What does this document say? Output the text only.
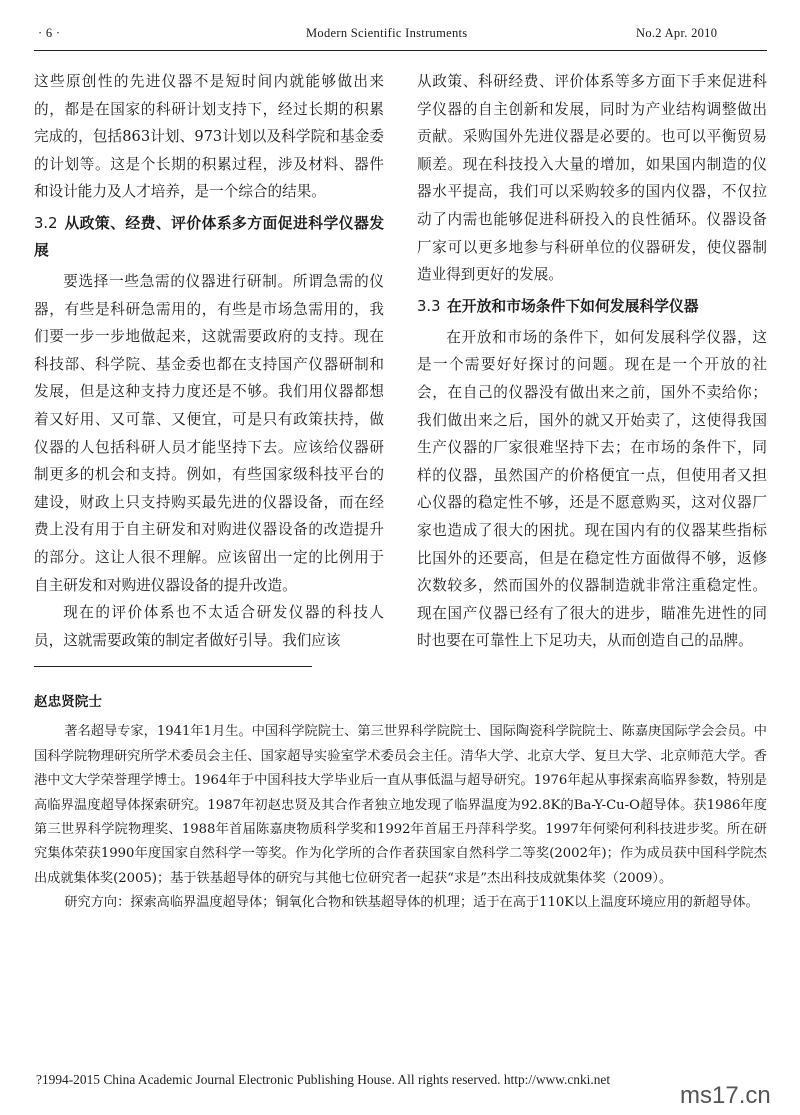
· 6 ·	Modern Scientific Instruments	No.2 Apr. 2010

这些原创性的先进仪器不是短时间内就能够做出来的，都是在国家的科研计划支持下，经过长期的积累完成的，包括863计划、973计划以及科学院和基金委的计划等。这是个长期的积累过程，涉及材料、器件和设计能力及人才培养，是一个综合的结果。

3.2 从政策、经费、评价体系多方面促进科学仪器发展

要选择一些急需的仪器进行研制。所谓急需的仪器，有些是科研急需用的，有些是市场急需用的，我们要一步一步地做起来，这就需要政府的支持。现在科技部、科学院、基金委也都在支持国产仪器研制和发展，但是这种支持力度还是不够。我们用仪器都想着又好用、又可靠、又便宜，可是只有政策扶持，做仪器的人包括科研人员才能坚持下去。应该给仪器研制更多的机会和支持。例如，有些国家级科技平台的建设，财政上只支持购买最先进的仪器设备，而在经费上没有用于自主研发和对购进仪器设备的改造提升的部分。这让人很不理解。应该留出一定的比例用于自主研发和对购进仪器设备的提升改造。

现在的评价体系也不太适合研发仪器的科技人员，这就需要政策的制定者做好引导。我们应该

从政策、科研经费、评价体系等多方面下手来促进科学仪器的自主创新和发展，同时为产业结构调整做出贡献。采购国外先进仪器是必要的。也可以平衡贸易顺差。现在科技投入大量的增加，如果国内制造的仪器水平提高，我们可以采购较多的国内仪器，不仅拉动了内需也能够促进科研投入的良性循环。仪器设备厂家可以更多地参与科研单位的仪器研发，使仪器制造业得到更好的发展。

3.3 在开放和市场条件下如何发展科学仪器

在开放和市场的条件下，如何发展科学仪器，这是一个需要好好探讨的问题。现在是一个开放的社会，在自己的仪器没有做出来之前，国外不卖给你；我们做出来之后，国外的就又开始卖了，这使得我国生产仪器的厂家很难坚持下去；在市场的条件下，同样的仪器，虽然国产的价格便宜一点，但使用者又担心仪器的稳定性不够，还是不愿意购买，这对仪器厂家也造成了很大的困扰。现在国内有的仪器某些指标比国外的还要高，但是在稳定性方面做得不够，返修次数较多，然而国外的仪器制造就非常注重稳定性。现在国产仪器已经有了很大的进步，瞄准先进性的同时也要在可靠性上下足功夫，从而创造自己的品牌。

赵忠贤院士

著名超导专家，1941年1月生。中国科学院院士、第三世界科学院院士、国际陶瓷科学院院士、陈嘉庚国际学会会员。中国科学院物理研究所学术委员会主任、国家超导实验室学术委员会主任。清华大学、北京大学、复旦大学、北京师范大学。香港中文大学荣誉理学博士。1964年于中国科技大学毕业后一直从事低温与超导研究。1976年起从事探索高临界参数，特别是高临界温度超导体探索研究。1987年初赵忠贤及其合作者独立地发现了临界温度为92.8K的Ba-Y-Cu-O超导体。获1986年度第三世界科学院物理奖、1988年首届陈嘉庚物质科学奖和1992年首届王丹萍科学奖。1997年何梁何利科技进步奖。所在研究集体荣获1990年度国家自然科学一等奖。作为化学所的合作者获国家自然科学二等奖(2002年)；作为成员获中国科学院杰出成就集体奖(2005)；基于铁基超导体的研究与其他七位研究者一起获“求是”杰出科技成就集体奖（2009）。

研究方向：探索高临界温度超导体；铜氧化合物和铁基超导体的机理；适于在高于110K以上温度环境应用的新超导体。

?1994-2015 China Academic Journal Electronic Publishing House. All rights reserved. http://www.cnki.net
ms17.cn
